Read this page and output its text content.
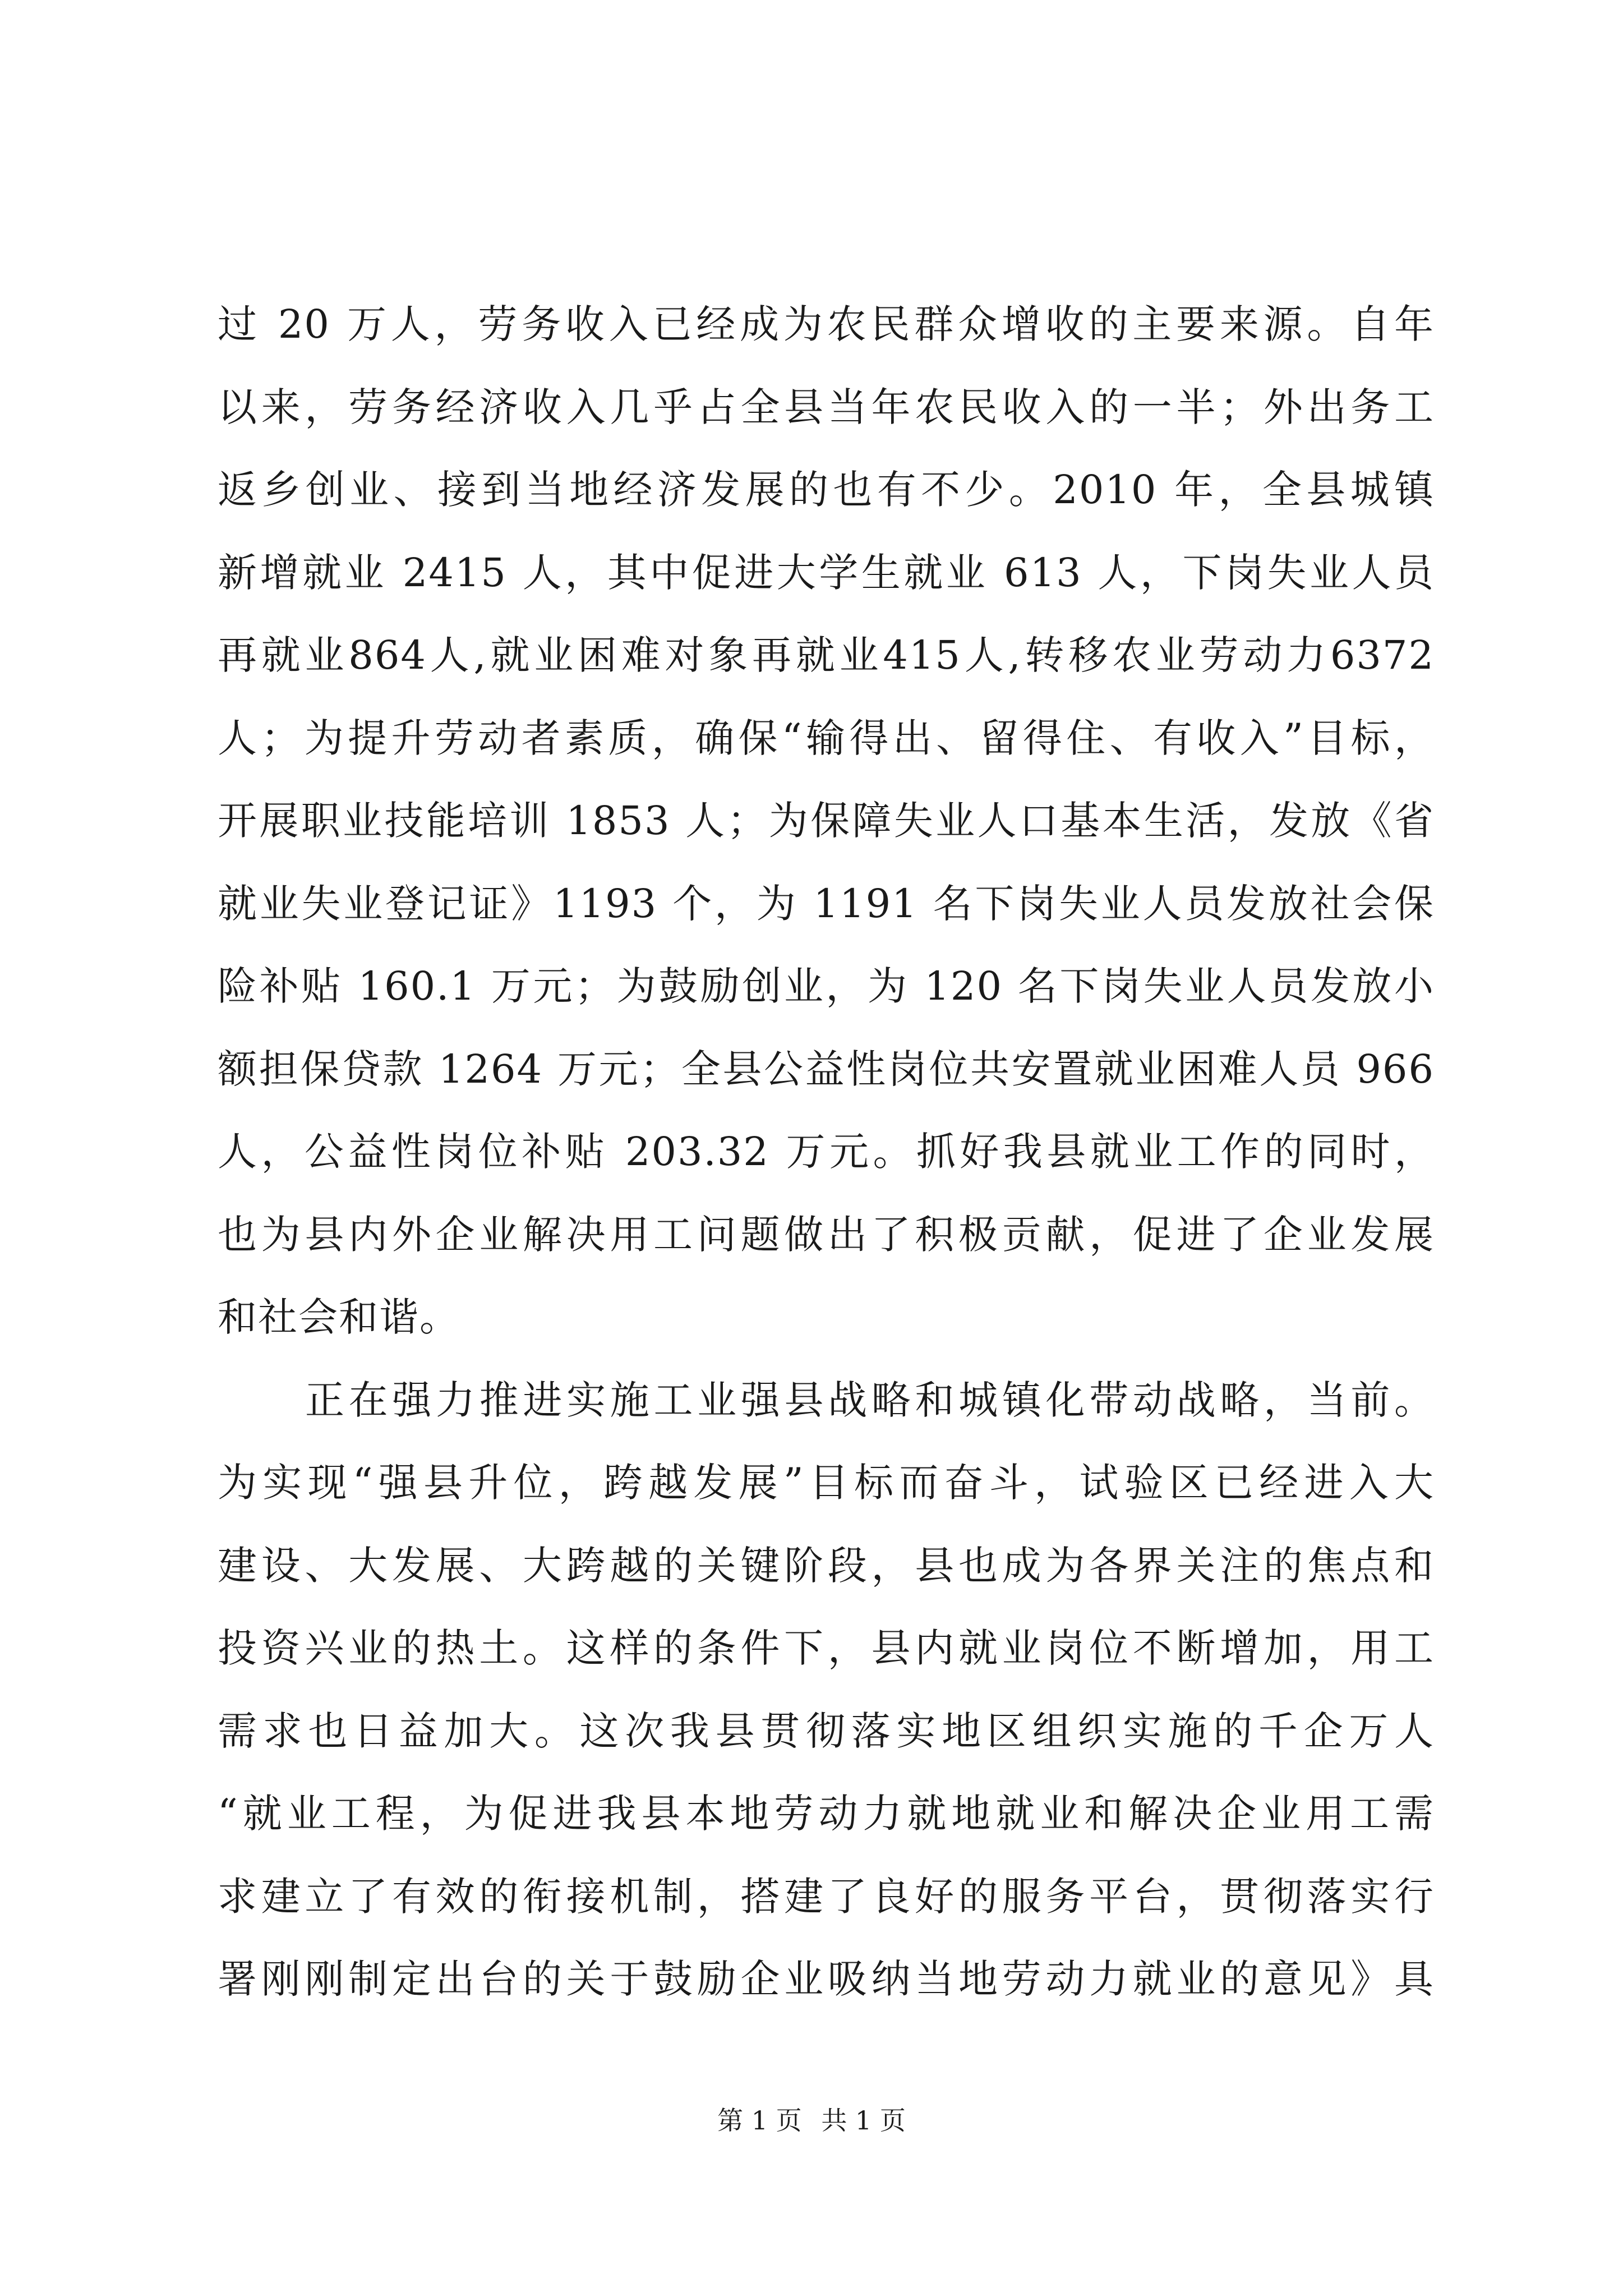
过 20 万人，劳务收入已经成为农民群众增收的主要来源。自年
以来，劳务经济收入几乎占全县当年农民收入的一半；外出务工
返乡创业、接到当地经济发展的也有不少。2010 年，全县城镇
新增就业 2415 人，其中促进大学生就业 613 人，下岗失业人员
再就业864人,就业困难对象再就业415人,转移农业劳动力6372
人；为提升劳动者素质，确保“输得出、留得住、有收入”目标，
开展职业技能培训 1853 人；为保障失业人口基本生活，发放《省
就业失业登记证》1193 个，为 1191 名下岗失业人员发放社会保
险补贴 160.1 万元；为鼓励创业，为 120 名下岗失业人员发放小
额担保贷款 1264 万元；全县公益性岗位共安置就业困难人员 966
人，公益性岗位补贴 203.32 万元。抓好我县就业工作的同时，
也为县内外企业解决用工问题做出了积极贡献，促进了企业发展
和社会和谐。
正在强力推进实施工业强县战略和城镇化带动战略，当前。
为实现“强县升位，跨越发展”目标而奋斗，试验区已经进入大
建设、大发展、大跨越的关键阶段，县也成为各界关注的焦点和
投资兴业的热土。这样的条件下，县内就业岗位不断增加，用工
需求也日益加大。这次我县贯彻落实地区组织实施的千企万人
“就业工程，为促进我县本地劳动力就地就业和解决企业用工需
求建立了有效的衔接机制，搭建了良好的服务平台，贯彻落实行
署刚刚制定出台的关于鼓励企业吸纳当地劳动力就业的意见》具
第 1 页 共 1 页
